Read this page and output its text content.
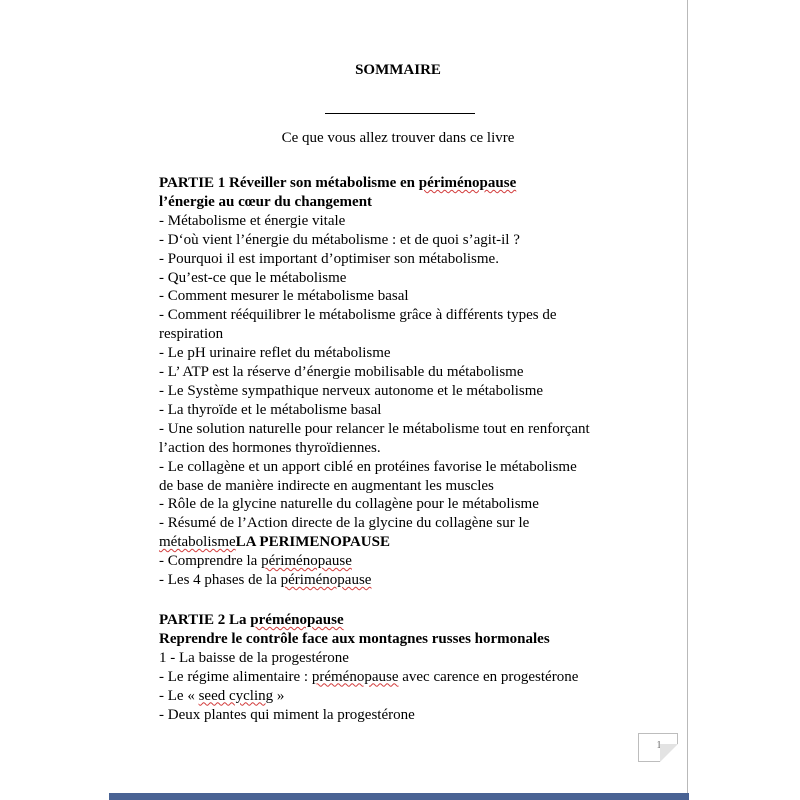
SOMMAIRE
Ce que vous allez trouver dans ce livre
PARTIE 1 Réveiller son métabolisme en périménopause
l’énergie au cœur du changement
- Métabolisme et énergie vitale
- D‘où vient l’énergie du métabolisme : et de quoi s’agit-il ?
- Pourquoi il est important d’optimiser son métabolisme.
- Qu’est-ce que le métabolisme
- Comment mesurer le métabolisme basal
- Comment rééquilibrer le métabolisme grâce à différents types de
respiration
- Le pH urinaire reflet du métabolisme
- L’ ATP est la réserve d’énergie mobilisable du métabolisme
- Le Système sympathique nerveux autonome et le métabolisme
- La thyroïde et le métabolisme basal
- Une solution naturelle pour relancer le métabolisme tout en renforçant
l’action des hormones thyroïdiennes.
- Le collagène et un apport ciblé en protéines favorise le métabolisme
de base de manière indirecte en augmentant les muscles
- Rôle de la glycine naturelle du collagène pour le métabolisme
- Résumé de l’Action directe de la glycine du collagène sur le
métabolismeLA PERIMENOPAUSE
- Comprendre la périménopause
- Les 4 phases de la périménopause
PARTIE 2 La préménopause
Reprendre le contrôle face aux montagnes russes hormonales
1 - La baisse de la progestérone
- Le régime alimentaire : préménopause avec carence en progestérone
- Le « seed cycling »
- Deux plantes qui miment la progestérone
1
